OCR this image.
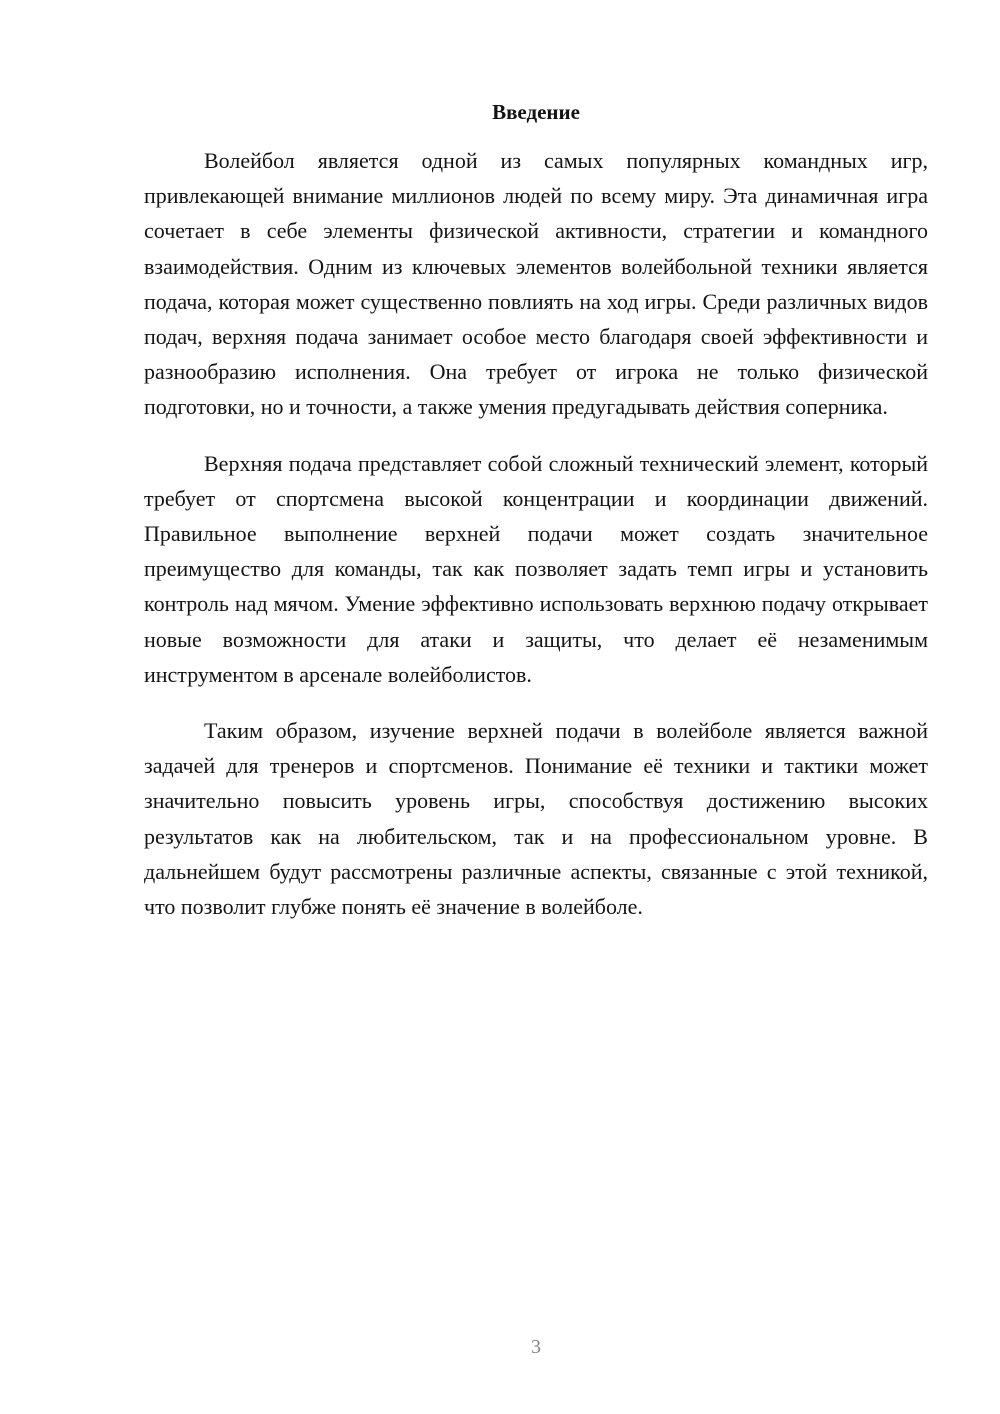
Введение

Волейбол является одной из самых популярных командных игр, привлекающей внимание миллионов людей по всему миру. Эта динамичная игра сочетает в себе элементы физической активности, стратегии и командного взаимодействия. Одним из ключевых элементов волейбольной техники является подача, которая может существенно повлиять на ход игры. Среди различных видов подач, верхняя подача занимает особое место благодаря своей эффективности и разнообразию исполнения. Она требует от игрока не только физической подготовки, но и точности, а также умения предугадывать действия соперника.

Верхняя подача представляет собой сложный технический элемент, который требует от спортсмена высокой концентрации и координации движений. Правильное выполнение верхней подачи может создать значительное преимущество для команды, так как позволяет задать темп игры и установить контроль над мячом. Умение эффективно использовать верхнюю подачу открывает новые возможности для атаки и защиты, что делает её незаменимым инструментом в арсенале волейболистов.

Таким образом, изучение верхней подачи в волейболе является важной задачей для тренеров и спортсменов. Понимание её техники и тактики может значительно повысить уровень игры, способствуя достижению высоких результатов как на любительском, так и на профессиональном уровне. В дальнейшем будут рассмотрены различные аспекты, связанные с этой техникой, что позволит глубже понять её значение в волейболе.

3
